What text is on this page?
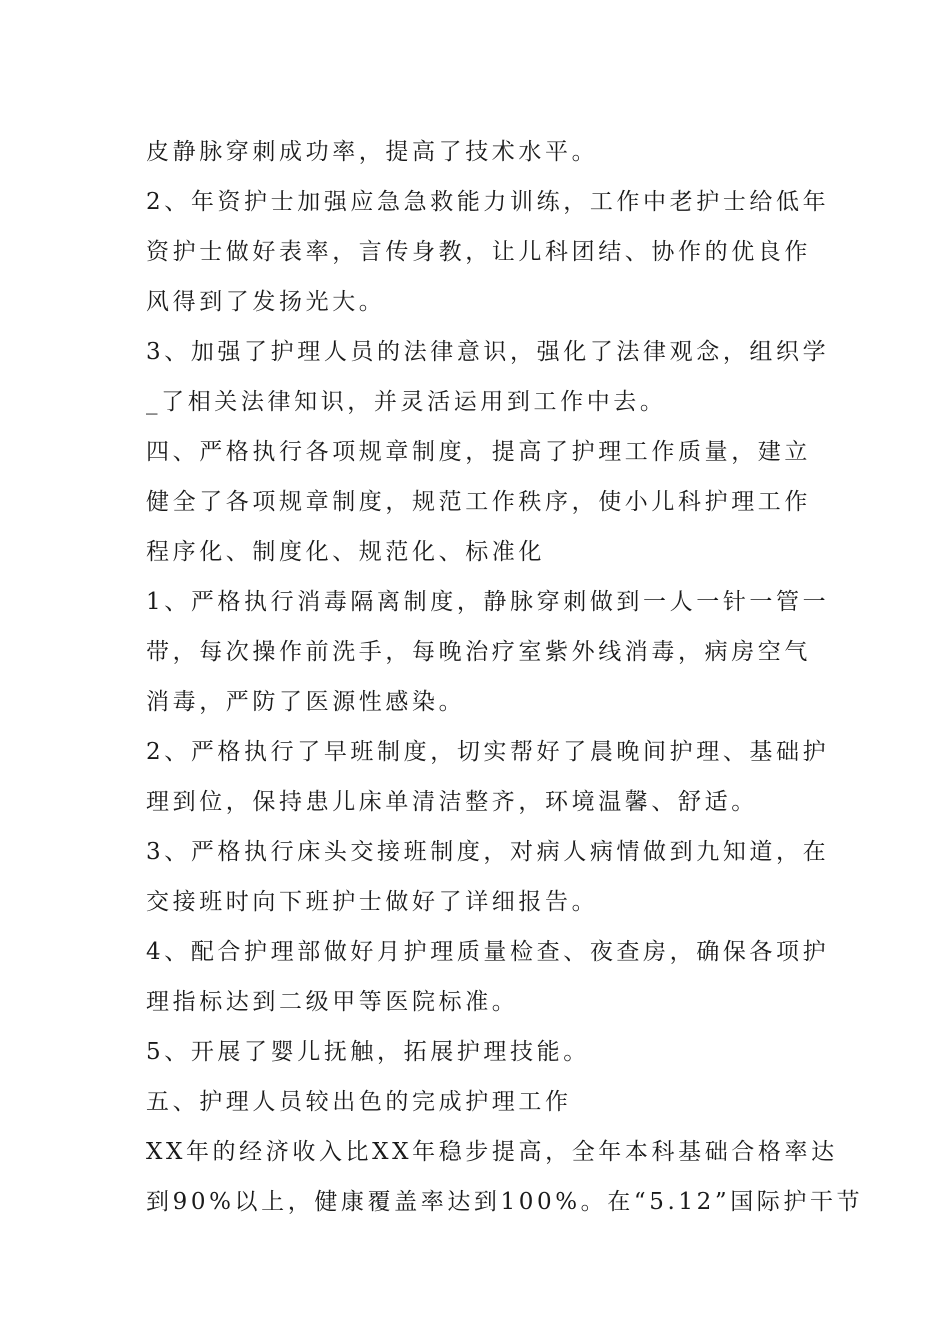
皮静脉穿刺成功率，提高了技术水平。
2、年资护士加强应急急救能力训练，工作中老护士给低年
资护士做好表率，言传身教，让儿科团结、协作的优良作
风得到了发扬光大。
3、加强了护理人员的法律意识，强化了法律观念，组织学
_了相关法律知识，并灵活运用到工作中去。
四、严格执行各项规章制度，提高了护理工作质量，建立
健全了各项规章制度，规范工作秩序，使小儿科护理工作
程序化、制度化、规范化、标准化
1、严格执行消毒隔离制度，静脉穿刺做到一人一针一管一
带，每次操作前洗手，每晚治疗室紫外线消毒，病房空气
消毒，严防了医源性感染。
2、严格执行了早班制度，切实帮好了晨晚间护理、基础护
理到位，保持患儿床单清洁整齐，环境温馨、舒适。
3、严格执行床头交接班制度，对病人病情做到九知道，在
交接班时向下班护士做好了详细报告。
4、配合护理部做好月护理质量检查、夜查房，确保各项护
理指标达到二级甲等医院标准。
5、开展了婴儿抚触，拓展护理技能。
五、护理人员较出色的完成护理工作
XX年的经济收入比XX年稳步提高，全年本科基础合格率达
到90%以上，健康覆盖率达到100%。在“5.12”国际护干节
